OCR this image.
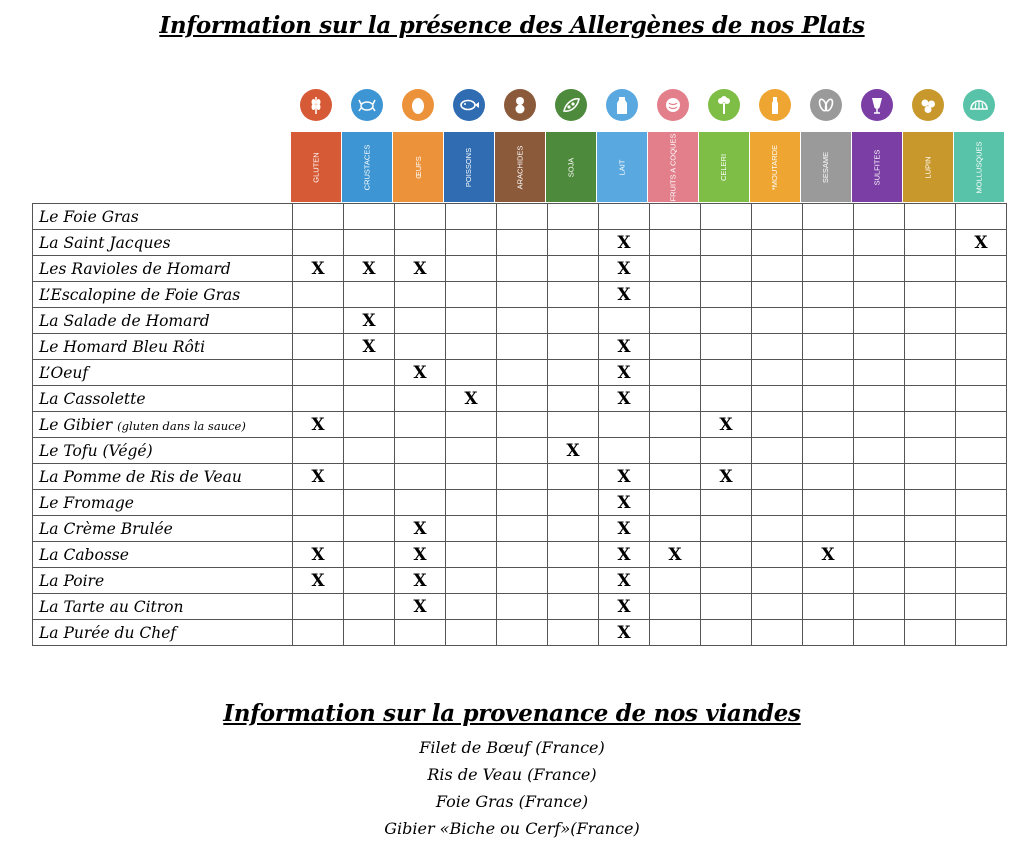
Information sur la présence des Allergènes de nos Plats
GLUTEN	CRUSTACES	ŒUFS	POISSONS	ARACHIDES	SOJA	LAIT	FRUITS A COQUES	CELERI	*MOUTARDE	SESAME	SULFITES	LUPIN	MOLLUSQUES
Le Foie Gras														
La Saint Jacques							X							X
Les Ravioles de Homard	X	X	X				X							
L’Escalopine de Foie Gras							X							
La Salade de Homard		X												
Le Homard Bleu Rôti		X					X							
L’Oeuf			X				X							
La Cassolette				X			X							
Le Gibier (gluten dans la sauce)	X								X					
Le Tofu (Végé)						X								
La Pomme de Ris de Veau	X						X		X					
Le Fromage							X							
La Crème Brulée			X				X							
La Cabosse	X		X				X	X			X			
La Poire	X		X				X							
La Tarte au Citron			X				X							
La Purée du Chef							X							
Information sur la provenance de nos viandes
Filet de Bœuf (France)
Ris de Veau (France)
Foie Gras (France)
Gibier «Biche ou Cerf»(France)
